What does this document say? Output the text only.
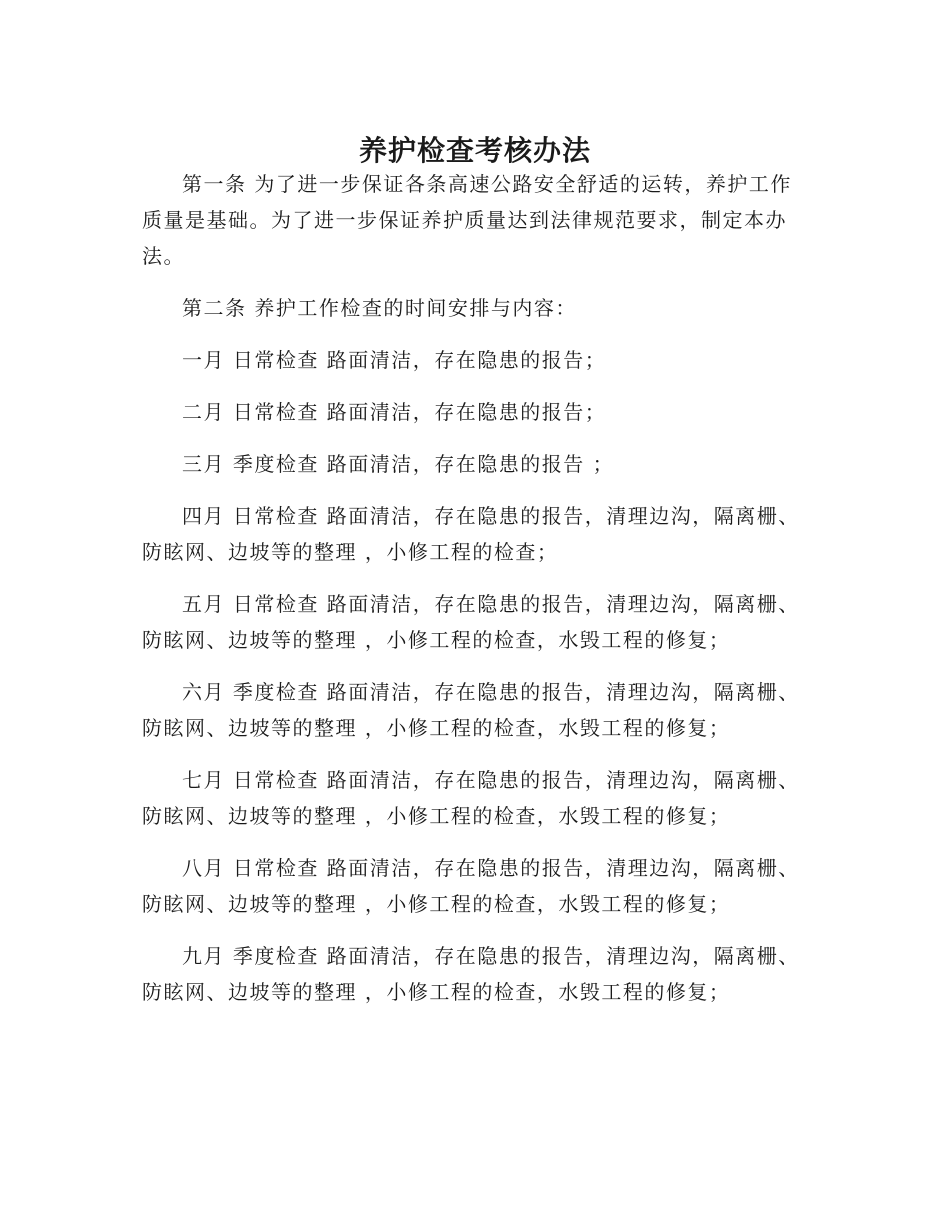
养护检查考核办法

第一条 为了进一步保证各条高速公路安全舒适的运转，养护工作质量是基础。为了进一步保证养护质量达到法律规范要求，制定本办法。

第二条 养护工作检查的时间安排与内容：

一月 日常检查 路面清洁，存在隐患的报告；

二月 日常检查 路面清洁，存在隐患的报告；

三月 季度检查 路面清洁，存在隐患的报告 ；

四月 日常检查 路面清洁，存在隐患的报告，清理边沟，隔离栅、防眩网、边坡等的整理 ，小修工程的检查；

五月 日常检查 路面清洁，存在隐患的报告，清理边沟，隔离栅、防眩网、边坡等的整理 ，小修工程的检查，水毁工程的修复；

六月 季度检查 路面清洁，存在隐患的报告，清理边沟，隔离栅、防眩网、边坡等的整理 ，小修工程的检查，水毁工程的修复；

七月 日常检查 路面清洁，存在隐患的报告，清理边沟，隔离栅、防眩网、边坡等的整理 ，小修工程的检查，水毁工程的修复；

八月 日常检查 路面清洁，存在隐患的报告，清理边沟，隔离栅、防眩网、边坡等的整理 ，小修工程的检查，水毁工程的修复；

九月 季度检查 路面清洁，存在隐患的报告，清理边沟，隔离栅、防眩网、边坡等的整理 ，小修工程的检查，水毁工程的修复；
